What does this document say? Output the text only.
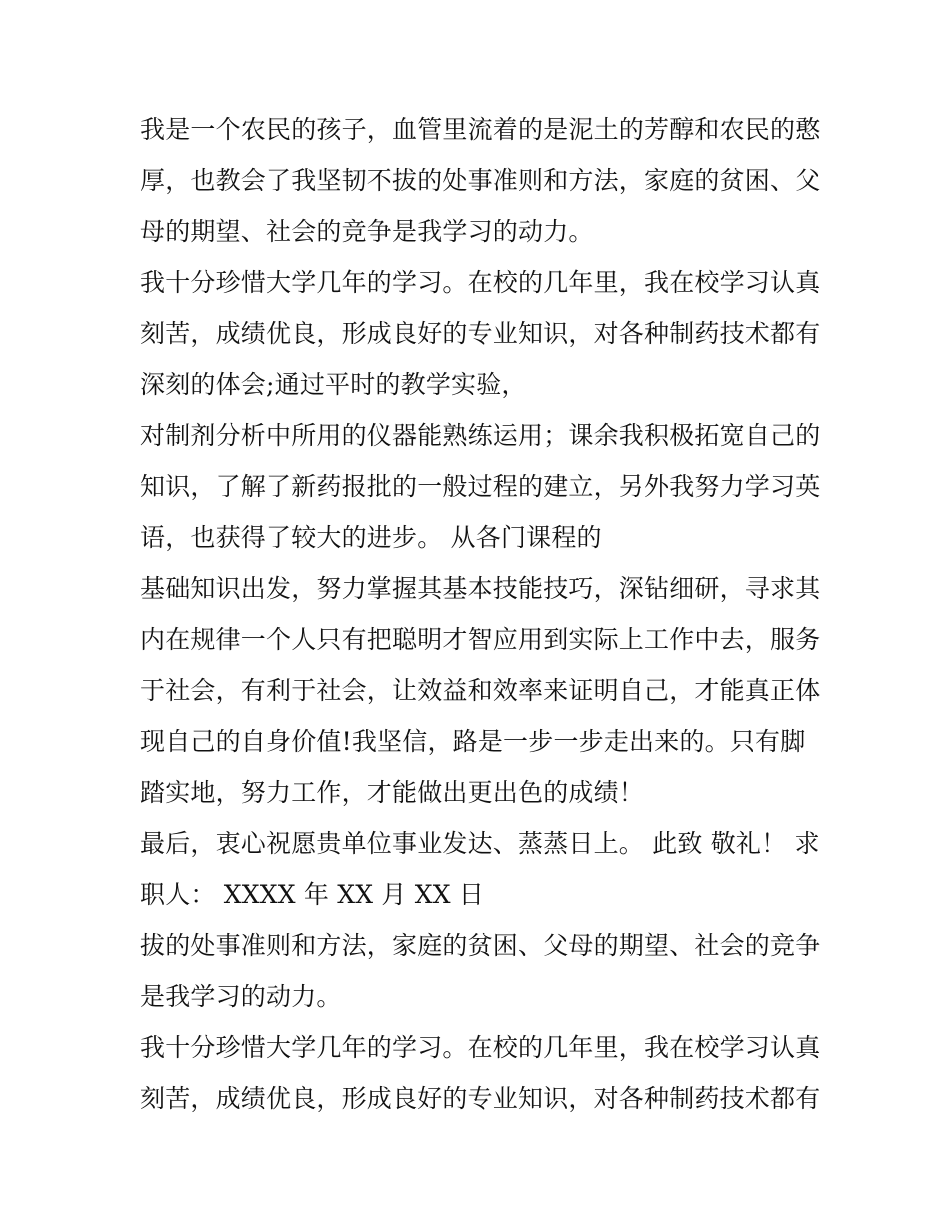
我是一个农民的孩子，血管里流着的是泥土的芳醇和农民的憨
厚，也教会了我坚韧不拔的处事准则和方法，家庭的贫困、父
母的期望、社会的竞争是我学习的动力。
我十分珍惜大学几年的学习。在校的几年里，我在校学习认真
刻苦，成绩优良，形成良好的专业知识，对各种制药技术都有
深刻的体会;通过平时的教学实验，
对制剂分析中所用的仪器能熟练运用；课余我积极拓宽自己的
知识，了解了新药报批的一般过程的建立，另外我努力学习英
语，也获得了较大的进步。 从各门课程的
基础知识出发，努力掌握其基本技能技巧，深钻细研，寻求其
内在规律一个人只有把聪明才智应用到实际上工作中去，服务
于社会，有利于社会，让效益和效率来证明自己，才能真正体
现自己的自身价值!我坚信，路是一步一步走出来的。只有脚
踏实地，努力工作，才能做出更出色的成绩！
最后，衷心祝愿贵单位事业发达、蒸蒸日上。 此致 敬礼！ 求
职人： XXXX 年 XX 月 XX 日
拔的处事准则和方法，家庭的贫困、父母的期望、社会的竞争
是我学习的动力。
我十分珍惜大学几年的学习。在校的几年里，我在校学习认真
刻苦，成绩优良，形成良好的专业知识，对各种制药技术都有
